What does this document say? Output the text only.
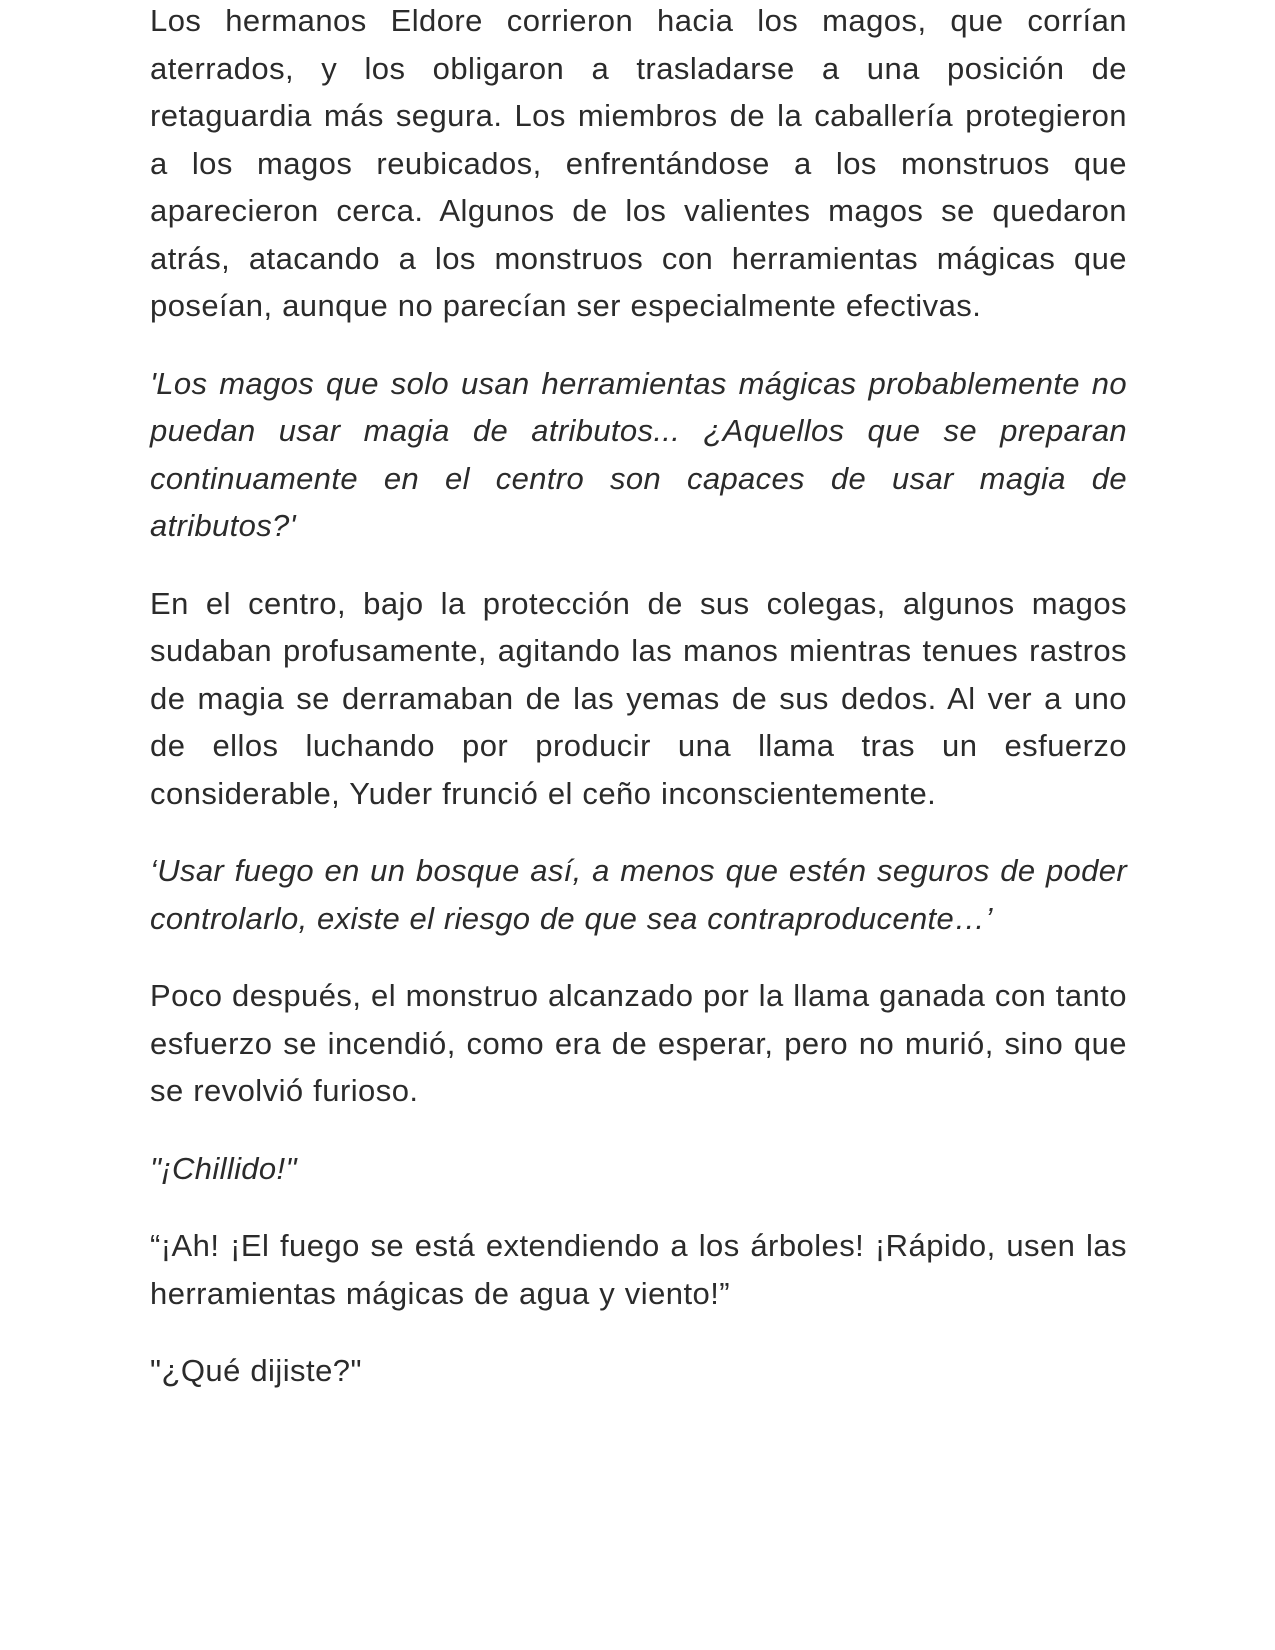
Los hermanos Eldore corrieron hacia los magos, que corrían aterrados, y los obligaron a trasladarse a una posición de retaguardia más segura. Los miembros de la caballería protegieron a los magos reubicados, enfrentándose a los monstruos que aparecieron cerca. Algunos de los valientes magos se quedaron atrás, atacando a los monstruos con herramientas mágicas que poseían, aunque no parecían ser especialmente efectivas.

'Los magos que solo usan herramientas mágicas probablemente no puedan usar magia de atributos... ¿Aquellos que se preparan continuamente en el centro son capaces de usar magia de atributos?'

En el centro, bajo la protección de sus colegas, algunos magos sudaban profusamente, agitando las manos mientras tenues rastros de magia se derramaban de las yemas de sus dedos. Al ver a uno de ellos luchando por producir una llama tras un esfuerzo considerable, Yuder frunció el ceño inconscientemente.

‘Usar fuego en un bosque así, a menos que estén seguros de poder controlarlo, existe el riesgo de que sea contraproducente…’

Poco después, el monstruo alcanzado por la llama ganada con tanto esfuerzo se incendió, como era de esperar, pero no murió, sino que se revolvió furioso.

"¡Chillido!"

“¡Ah! ¡El fuego se está extendiendo a los árboles! ¡Rápido, usen las herramientas mágicas de agua y viento!”

"¿Qué dijiste?"
